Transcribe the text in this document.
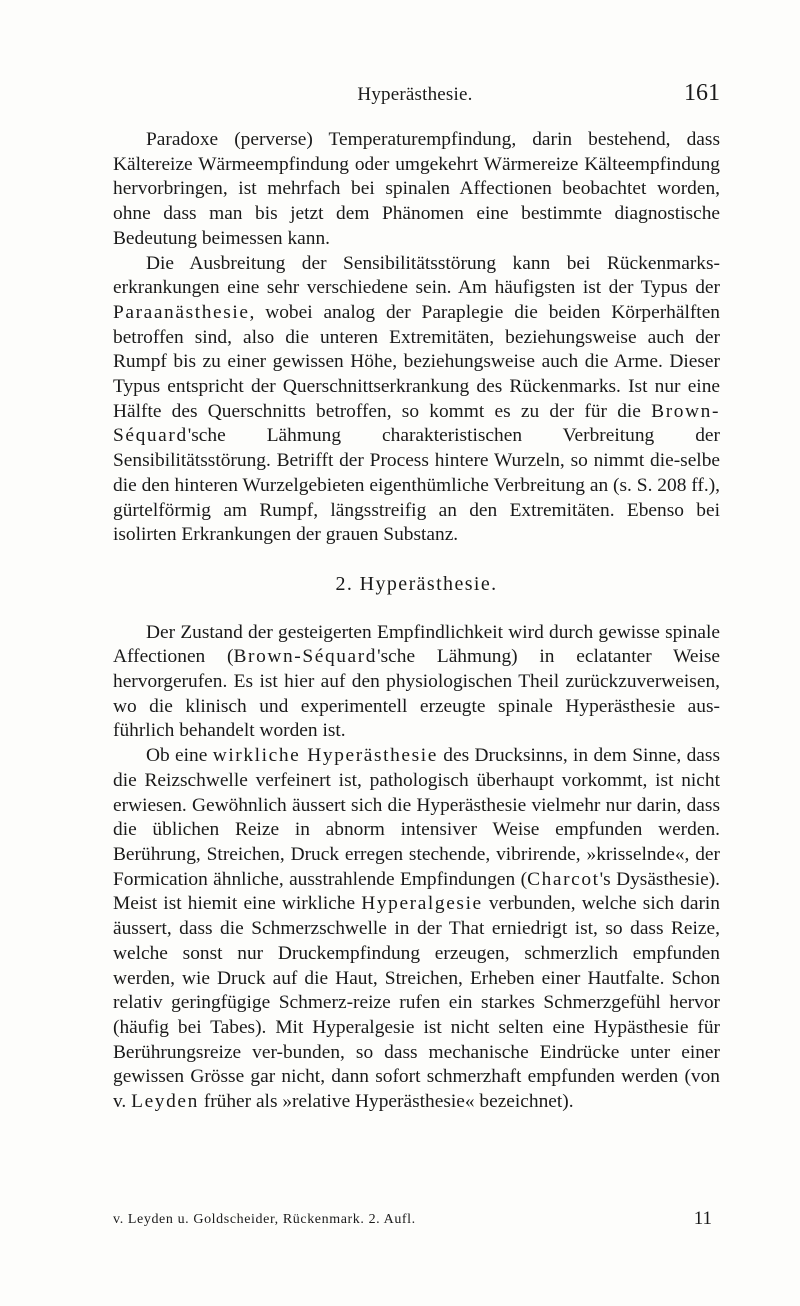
Hyperästhesie.	161

Paradoxe (perverse) Temperaturempfindung, darin bestehend, dass Kältereize Wärmeempfindung oder umgekehrt Wärmereize Kälteempfindung hervorbringen, ist mehrfach bei spinalen Affectionen beobachtet worden, ohne dass man bis jetzt dem Phänomen eine bestimmte diagnostische Bedeutung beimessen kann.

Die Ausbreitung der Sensibilitätsstörung kann bei Rückenmarks-erkrankungen eine sehr verschiedene sein. Am häufigsten ist der Typus der Paraanästhesie, wobei analog der Paraplegie die beiden Körperhälften betroffen sind, also die unteren Extremitäten, beziehungsweise auch der Rumpf bis zu einer gewissen Höhe, beziehungsweise auch die Arme. Dieser Typus entspricht der Querschnittserkrankung des Rückenmarks. Ist nur eine Hälfte des Querschnitts betroffen, so kommt es zu der für die Brown-Séquard'sche Lähmung charakteristischen Verbreitung der Sensibilitätsstörung. Betrifft der Process hintere Wurzeln, so nimmt die-selbe die den hinteren Wurzelgebieten eigenthümliche Verbreitung an (s. S. 208 ff.), gürtelförmig am Rumpf, längsstreifig an den Extremitäten. Ebenso bei isolirten Erkrankungen der grauen Substanz.

2. Hyperästhesie.

Der Zustand der gesteigerten Empfindlichkeit wird durch gewisse spinale Affectionen (Brown-Séquard'sche Lähmung) in eclatanter Weise hervorgerufen. Es ist hier auf den physiologischen Theil zurückzuverweisen, wo die klinisch und experimentell erzeugte spinale Hyperästhesie aus-führlich behandelt worden ist.

Ob eine wirkliche Hyperästhesie des Drucksinns, in dem Sinne, dass die Reizschwelle verfeinert ist, pathologisch überhaupt vorkommt, ist nicht erwiesen. Gewöhnlich äussert sich die Hyperästhesie vielmehr nur darin, dass die üblichen Reize in abnorm intensiver Weise empfunden werden. Berührung, Streichen, Druck erregen stechende, vibrirende, »krisselnde«, der Formication ähnliche, ausstrahlende Empfindungen (Charcot's Dysästhesie). Meist ist hiemit eine wirkliche Hyperalgesie verbunden, welche sich darin äussert, dass die Schmerzschwelle in der That erniedrigt ist, so dass Reize, welche sonst nur Druckempfindung erzeugen, schmerzlich empfunden werden, wie Druck auf die Haut, Streichen, Erheben einer Hautfalte. Schon relativ geringfügige Schmerz-reize rufen ein starkes Schmerzgefühl hervor (häufig bei Tabes). Mit Hyperalgesie ist nicht selten eine Hypästhesie für Berührungsreize ver-bunden, so dass mechanische Eindrücke unter einer gewissen Grösse gar nicht, dann sofort schmerzhaft empfunden werden (von v. Leyden früher als »relative Hyperästhesie« bezeichnet).

v. Leyden u. Goldscheider, Rückenmark. 2. Aufl.	11
